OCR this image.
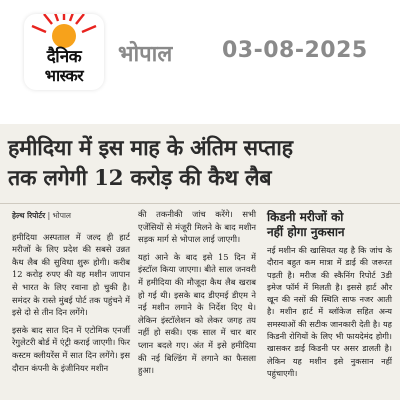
दैनिक
भास्कर
भोपाल 03-08-2025
हमीदिया में इस माह के अंतिम सप्ताह
तक लगेगी 12 करोड़ की कैथ लैब
हेल्थ रिपोर्टर | भोपाल

हमीदिया अस्पताल में जल्द ही हार्ट मरीजों के लिए प्रदेश की सबसे उन्नत कैथ लैब की सुविधा शुरू होगी। करीब 12 करोड़ रुपए की यह मशीन जापान से भारत के लिए रवाना हो चुकी है। समंदर के रास्ते मुंबई पोर्ट तक पहुंचने में इसे दो से तीन दिन लगेंगे।

इसके बाद सात दिन में एटोमिक एनर्जी रेगुलेटरी बोर्ड में एंट्री कराई जाएगी। फिर कस्टम क्लीयरेंस में सात दिन लगेंगे। इस दौरान कंपनी के इंजीनियर मशीन

की तकनीकी जांच करेंगे। सभी एजेंसियों से मंजूरी मिलने के बाद मशीन सड़क मार्ग से भोपाल लाई जाएगी।

यहां आने के बाद इसे 15 दिन में इंस्टॉल किया जाएगा। बीते साल जनवरी में हमीदिया की मौजूदा कैथ लैब खराब हो गई थी। इसके बाद डीएमई डीएम ने नई मशीन लगाने के निर्देश दिए थे। लेकिन इंस्टॉलेशन को लेकर जगह तय नहीं हो सकी। एक साल में चार बार प्लान बदले गए। अंत में इसे हमीदिया की नई बिल्डिंग में लगाने का फैसला हुआ।

किडनी मरीजों को
नहीं होगा नुकसान
नई मशीन की खासियत यह है कि जांच के दौरान बहुत कम मात्रा में डाई की जरूरत पड़ती है। मरीज की स्कैनिंग रिपोर्ट 3डी इमेज फॉर्म में मिलती है। इससे हार्ट और खून की नसों की स्थिति साफ नजर आती है। मशीन हार्ट में ब्लॉकेज सहित अन्य समस्याओं की सटीक जानकारी देती है। यह किडनी रोगियों के लिए भी फायदेमंद होगी। खासकर डाई किडनी पर असर डालती है। लेकिन यह मशीन इसे नुकसान नहीं पहुंचाएगी।
